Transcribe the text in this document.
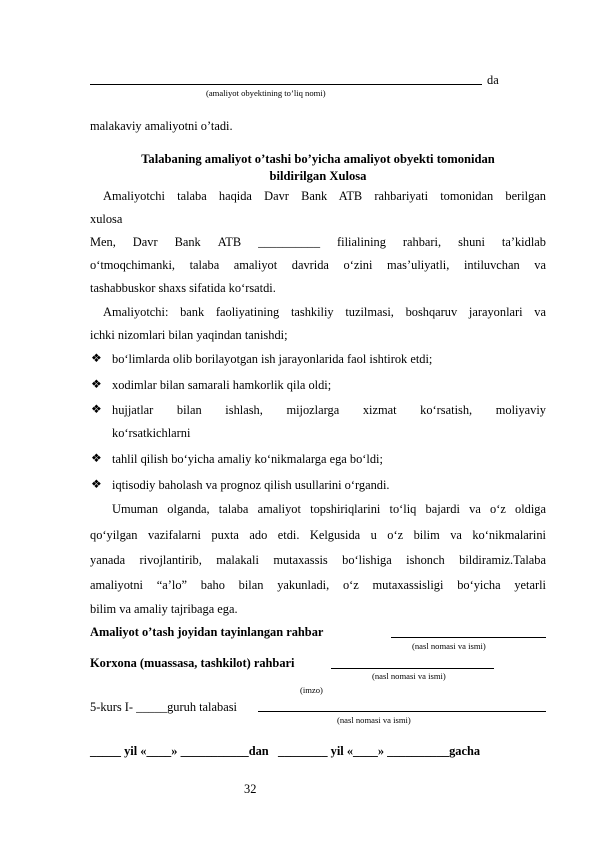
da
(amaliyot obyektining to’liq nomi)
malakaviy amaliyotni o’tadi.
Talabaning amaliyot o’tashi bo’yicha amaliyot obyekti tomonidan
bildirilgan Xulosa
Amaliyotchi talaba haqida Davr Bank ATB rahbariyati tomonidan berilgan
xulosa
Men, Davr Bank ATB __________ filialining rahbari, shuni ta’kidlab
o‘tmoqchimanki, talaba amaliyot davrida o‘zini mas’uliyatli, intiluvchan va
tashabbuskor shaxs sifatida ko‘rsatdi.
Amaliyotchi: bank faoliyatining tashkiliy tuzilmasi, boshqaruv jarayonlari va
ichki nizomlari bilan yaqindan tanishdi;
❖ bo‘limlarda olib borilayotgan ish jarayonlarida faol ishtirok etdi;
❖ xodimlar bilan samarali hamkorlik qila oldi;
❖ hujjatlar bilan ishlash, mijozlarga xizmat ko‘rsatish, moliyaviy
ko‘rsatkichlarni
❖ tahlil qilish bo‘yicha amaliy ko‘nikmalarga ega bo‘ldi;
❖ iqtisodiy baholash va prognoz qilish usullarini o‘rgandi.
Umuman olganda, talaba amaliyot topshiriqlarini to‘liq bajardi va o‘z oldiga
qo‘yilgan vazifalarni puxta ado etdi. Kelgusida u o‘z bilim va ko‘nikmalarini
yanada rivojlantirib, malakali mutaxassis bo‘lishiga ishonch bildiramiz.Talaba
amaliyotni “a’lo” baho bilan yakunladi, o‘z mutaxassisligi bo‘yicha yetarli
bilim va amaliy tajribaga ega.
Amaliyot o’tash joyidan tayinlangan rahbar
(nasl nomasi va ismi)
Korxona (muassasa, tashkilot) rahbari
(nasl nomasi va ismi)
(imzo)
5-kurs I- _____guruh talabasi
(nasl nomasi va ismi)
_____ yil «____» ___________dan ________ yil «____» __________gacha
32
